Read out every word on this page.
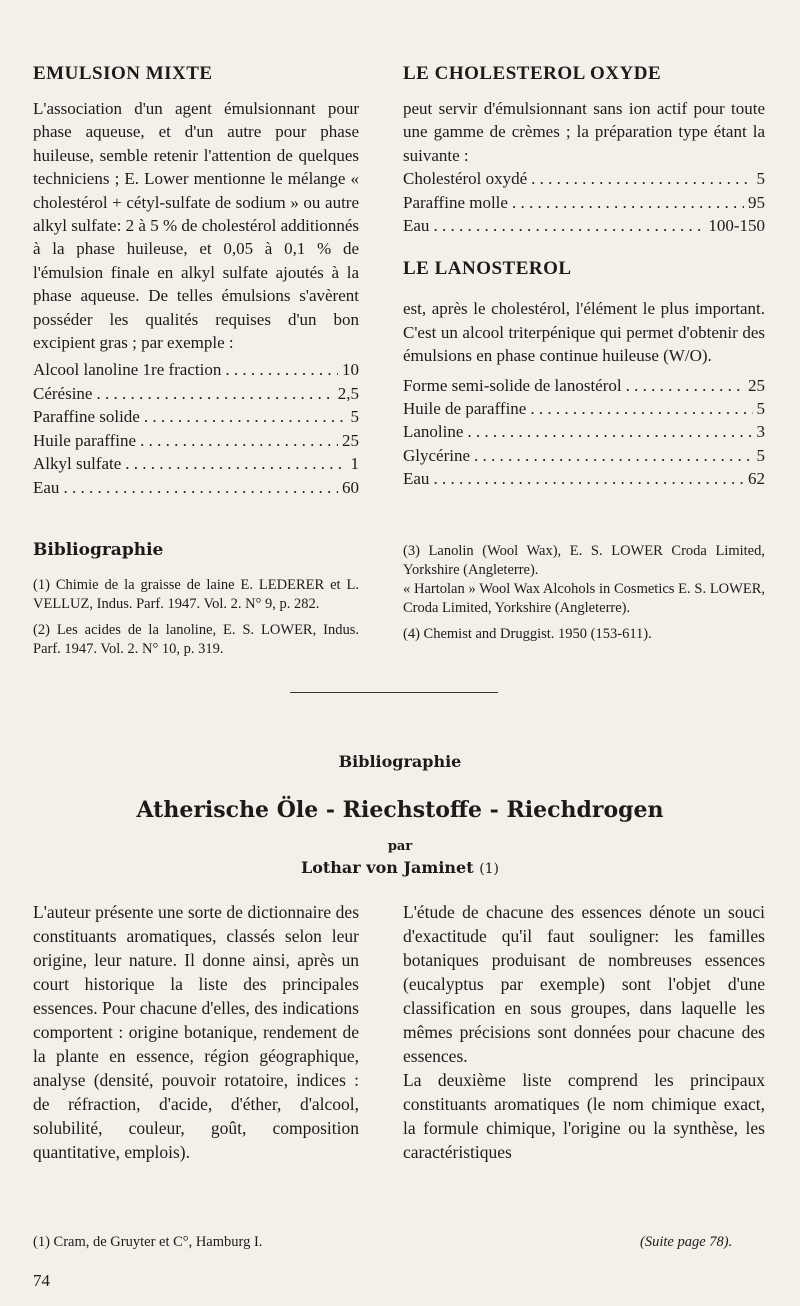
EMULSION MIXTE

L'association d'un agent émulsionnant pour phase aqueuse, et d'un autre pour phase huileuse, semble retenir l'attention de quelques techniciens ; E. Lower mentionne le mélange « cholestérol + cétyl-sulfate de sodium » ou autre alkyl sulfate: 2 à 5 % de cholestérol additionnés à la phase huileuse, et 0,05 à 0,1 % de l'émulsion finale en alkyl sulfate ajoutés à la phase aqueuse. De telles émulsions s'avèrent posséder les qualités requises d'un bon excipient gras ; par exemple :

Alcool lanoline 1re fraction . . .	10
Cérésine . . .	2,5
Paraffine solide . . .	5
Huile paraffine . . .	25
Alkyl sulfate . . .	1
Eau . . .	60
LE CHOLESTEROL OXYDE

peut servir d'émulsionnant sans ion actif pour toute une gamme de crèmes ; la préparation type étant la suivante :

Cholestérol oxydé . . .	5
Paraffine molle . . .	95
Eau . . .	100-150
LE LANOSTEROL

est, après le cholestérol, l'élément le plus important. C'est un alcool triterpénique qui permet d'obtenir des émulsions en phase continue huileuse (W/O).

Forme semi-solide de lanostérol . . .	25
Huile de paraffine . . .	5
Lanoline . . .	3
Glycérine . . .	5
Eau . . .	62
Bibliographie

(1) Chimie de la graisse de laine E. LEDERER et L. VELLUZ, Indus. Parf. 1947. Vol. 2. N° 9, p. 282.

(2) Les acides de la lanoline, E. S. LOWER, Indus. Parf. 1947. Vol. 2. N° 10, p. 319.

(3) Lanolin (Wool Wax), E. S. LOWER Croda Limited, Yorkshire (Angleterre).

« Hartolan » Wool Wax Alcohols in Cosmetics E. S. LOWER, Croda Limited, Yorkshire (Angleterre).

(4) Chemist and Druggist. 1950 (153-611).

Bibliographie
Atherische Öle - Riechstoffe - Riechdrogen

par

Lothar von Jaminet (1)

L'auteur présente une sorte de dictionnaire des constituants aromatiques, classés selon leur origine, leur nature. Il donne ainsi, après un court historique la liste des principales essences. Pour chacune d'elles, des indications comportent : origine botanique, rendement de la plante en essence, région géographique, analyse (densité, pouvoir rotatoire, indices : de réfraction, d'acide, d'éther, d'alcool, solubilité, couleur, goût, composition quantitative, emplois).

L'étude de chacune des essences dénote un souci d'exactitude qu'il faut souligner: les familles botaniques produisant de nombreuses essences (eucalyptus par exemple) sont l'objet d'une classification en sous groupes, dans laquelle les mêmes précisions sont données pour chacune des essences.

La deuxième liste comprend les principaux constituants aromatiques (le nom chimique exact, la formule chimique, l'origine ou la synthèse, les caractéristiques

(1) Cram, de Gruyter et C°, Hamburg I.	(Suite page 78).
74
